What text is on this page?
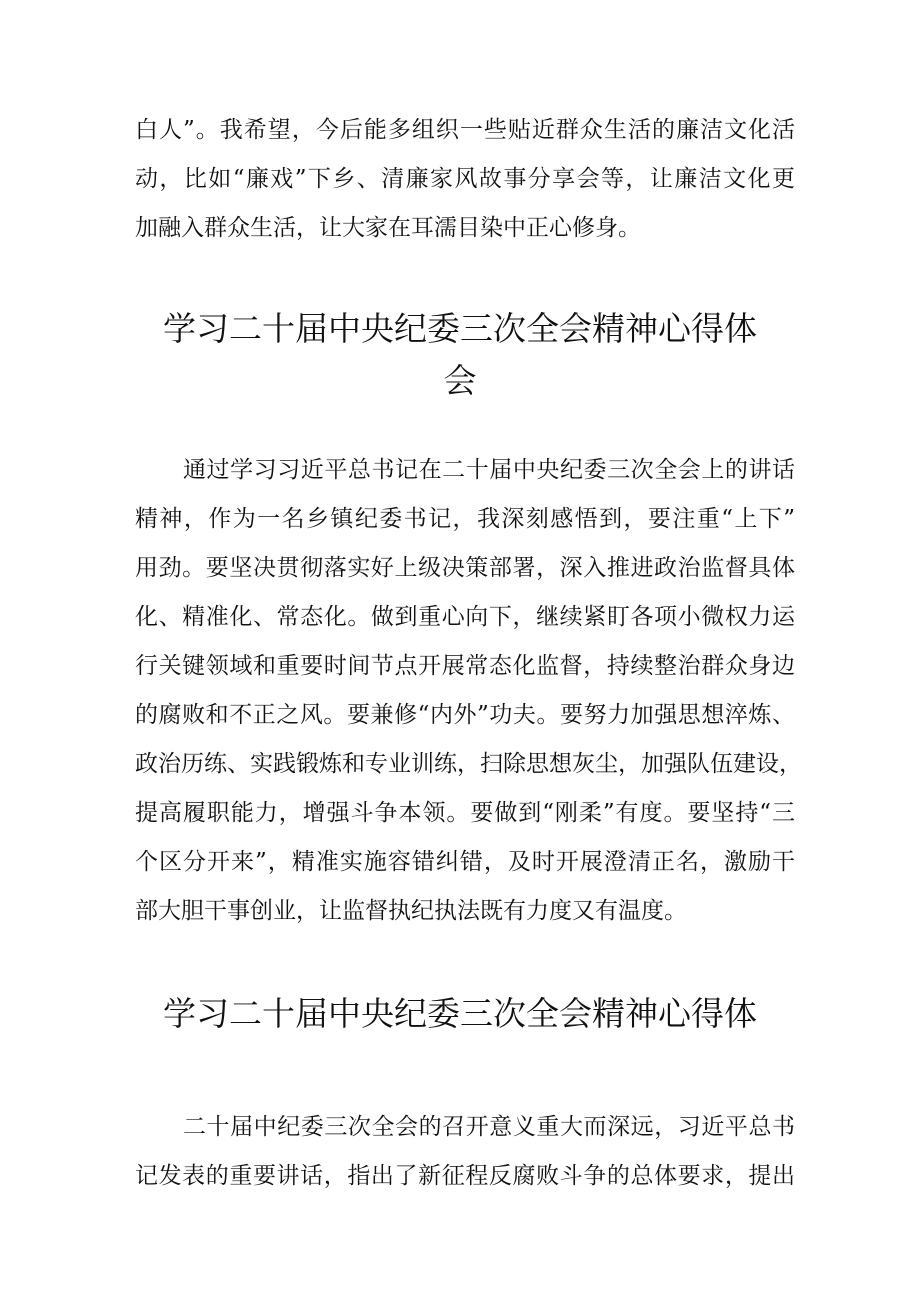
白人”。我希望，今后能多组织一些贴近群众生活的廉洁文化活
动，比如“廉戏”下乡、清廉家风故事分享会等，让廉洁文化更
加融入群众生活，让大家在耳濡目染中正心修身。
学习二十届中央纪委三次全会精神心得体
会
通过学习习近平总书记在二十届中央纪委三次全会上的讲话
精神，作为一名乡镇纪委书记，我深刻感悟到，要注重“上下”
用劲。要坚决贯彻落实好上级决策部署，深入推进政治监督具体
化、精准化、常态化。做到重心向下，继续紧盯各项小微权力运
行关键领域和重要时间节点开展常态化监督，持续整治群众身边
的腐败和不正之风。要兼修“内外”功夫。要努力加强思想淬炼、
政治历练、实践锻炼和专业训练，扫除思想灰尘，加强队伍建设，
提高履职能力，增强斗争本领。要做到“刚柔”有度。要坚持“三
个区分开来”，精准实施容错纠错，及时开展澄清正名，激励干
部大胆干事创业，让监督执纪执法既有力度又有温度。
学习二十届中央纪委三次全会精神心得体
二十届中纪委三次全会的召开意义重大而深远，习近平总书
记发表的重要讲话，指出了新征程反腐败斗争的总体要求，提出
